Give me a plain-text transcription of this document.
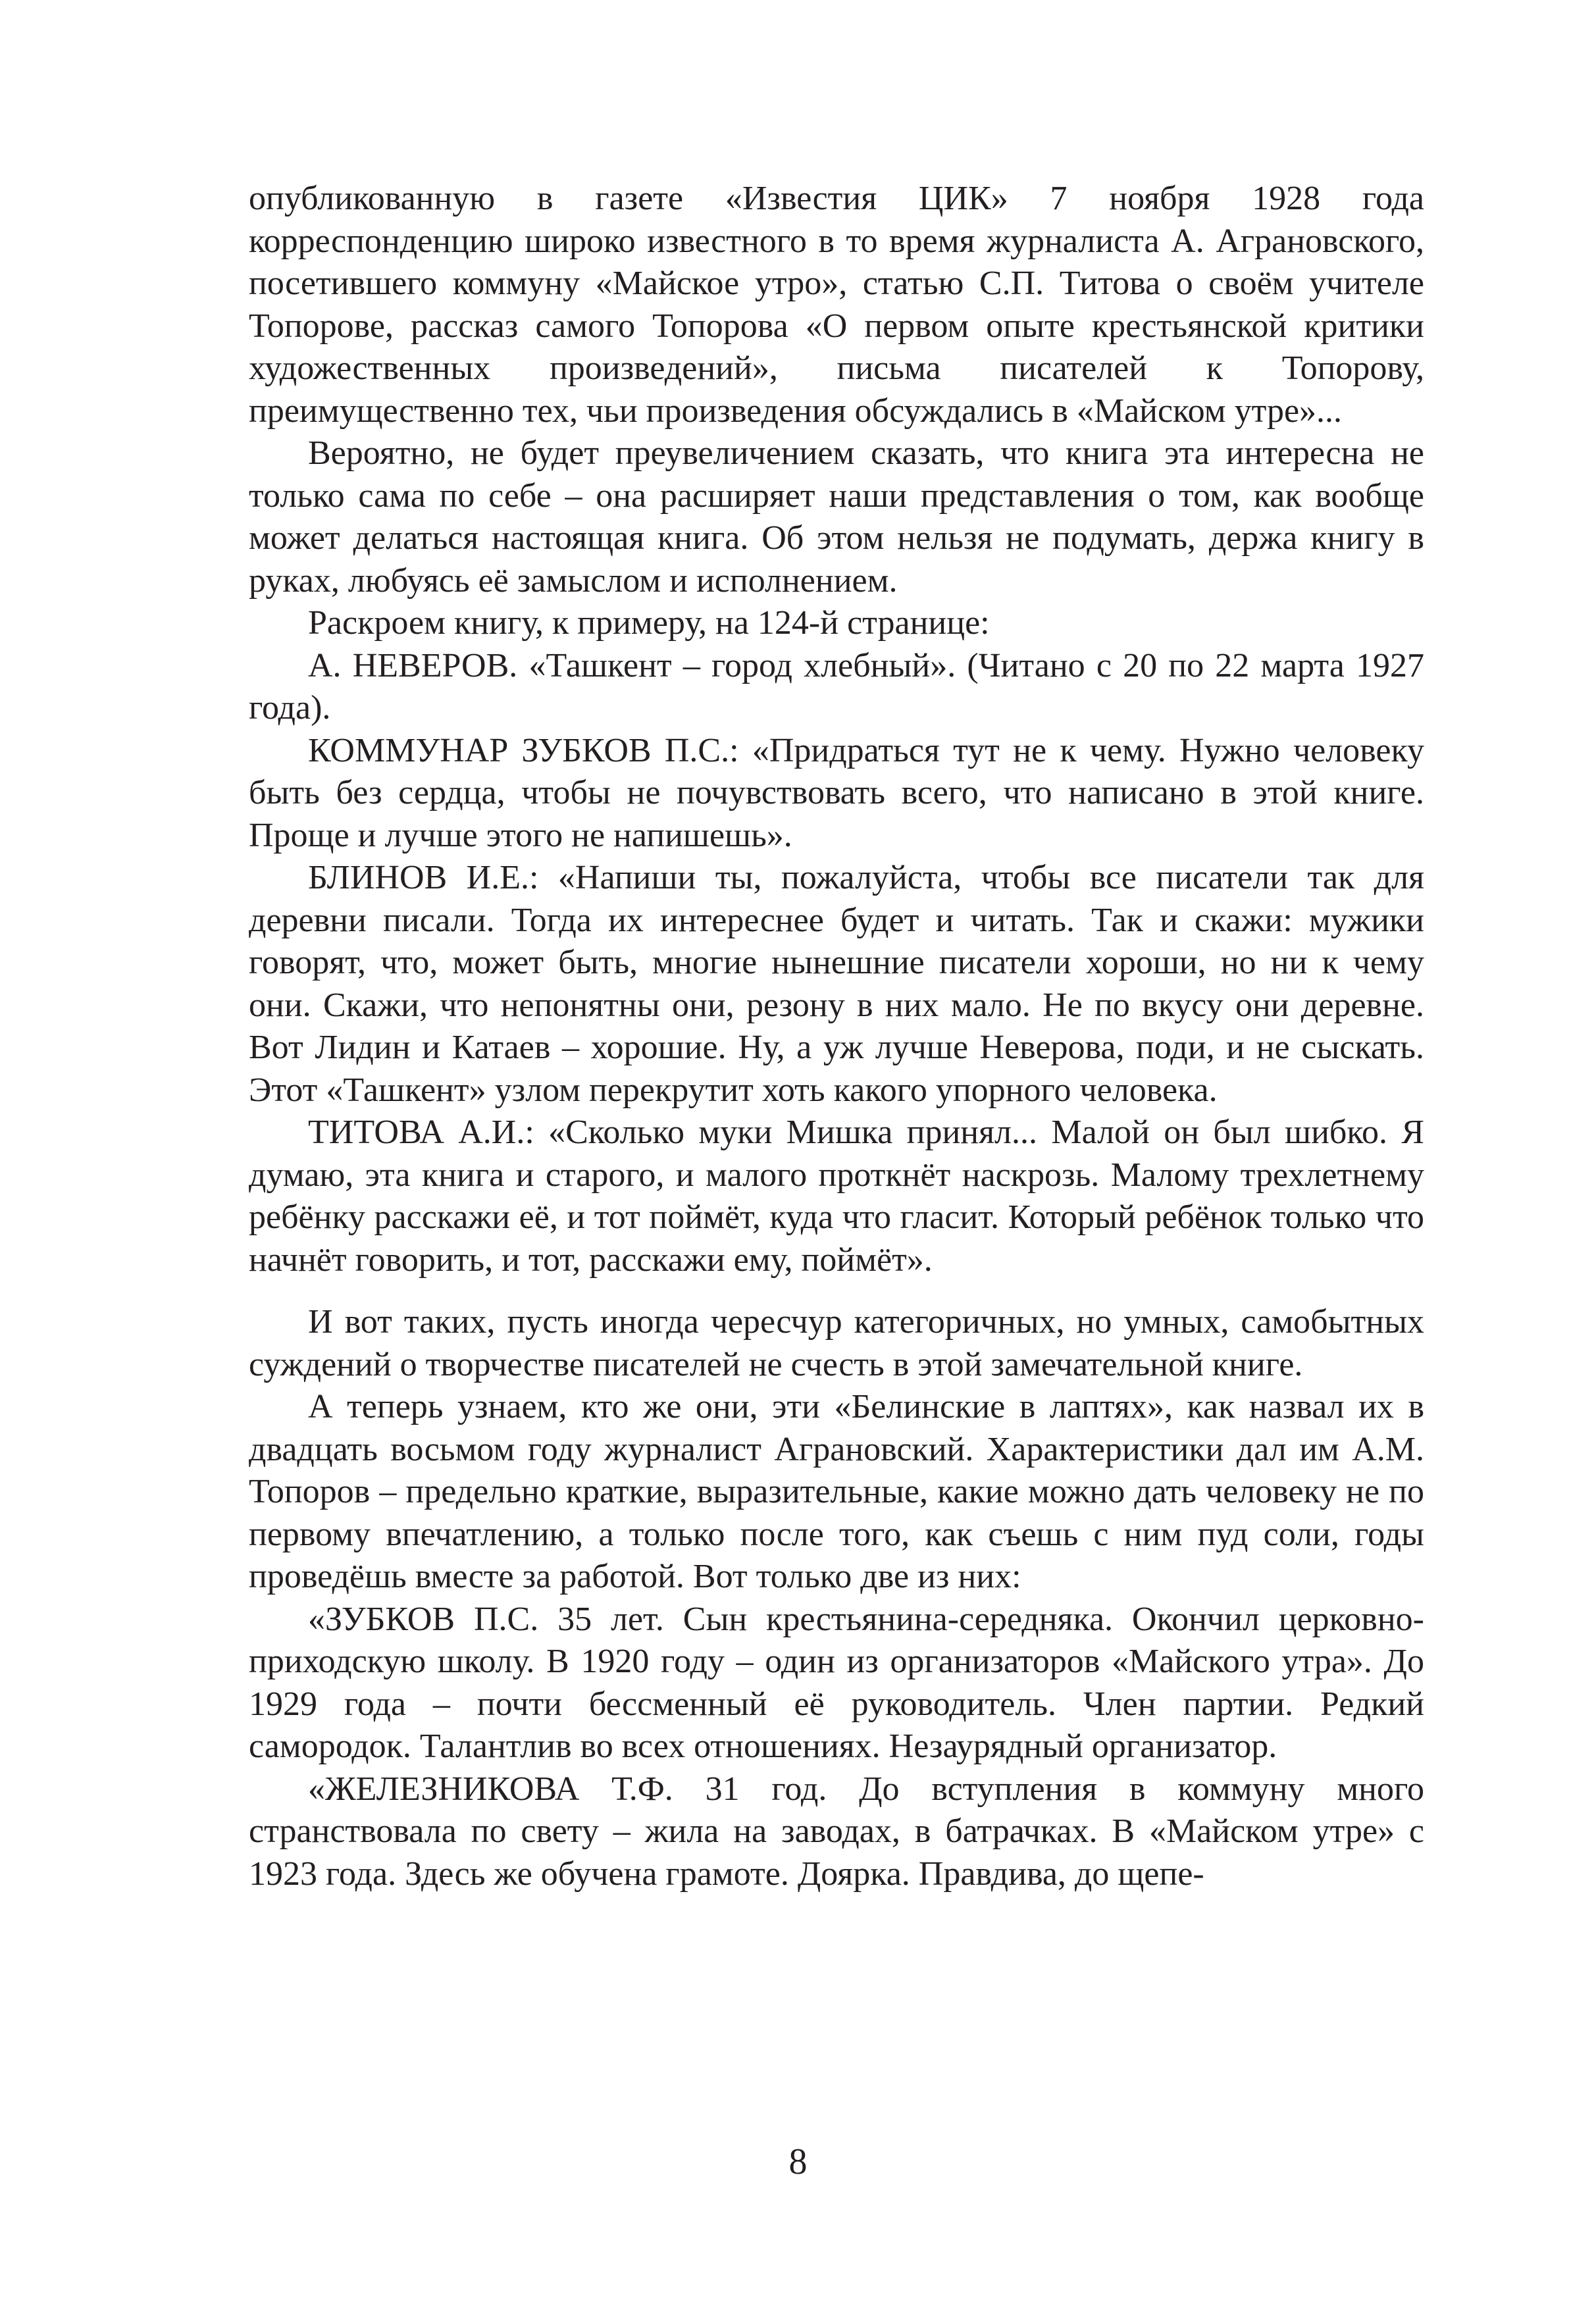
опубликованную в газете «Известия ЦИК» 7 ноября 1928 года корреспонденцию широко известного в то время журналиста А. Аграновского, посетившего коммуну «Майское утро», статью С.П. Титова о своём учителе Топорове, рассказ самого Топорова «О первом опыте крестьянской критики художественных произведений», письма писателей к Топорову, преимущественно тех, чьи произведения обсуждались в «Майском утре»...

Вероятно, не будет преувеличением сказать, что книга эта интересна не только сама по себе – она расширяет наши представления о том, как вообще может делаться настоящая книга. Об этом нельзя не подумать, держа книгу в руках, любуясь её замыслом и исполнением.

Раскроем книгу, к примеру, на 124-й странице:

А. НЕВЕРОВ. «Ташкент – город хлебный». (Читано с 20 по 22 марта 1927 года).

КОММУНАР ЗУБКОВ П.С.: «Придраться тут не к чему. Нужно человеку быть без сердца, чтобы не почувствовать всего, что написано в этой книге. Проще и лучше этого не напишешь».

БЛИНОВ И.Е.: «Напиши ты, пожалуйста, чтобы все писатели так для деревни писали. Тогда их интереснее будет и читать. Так и скажи: мужики говорят, что, может быть, многие нынешние писатели хороши, но ни к чему они. Скажи, что непонятны они, резону в них мало. Не по вкусу они деревне. Вот Лидин и Катаев – хорошие. Ну, а уж лучше Неверова, поди, и не сыскать. Этот «Ташкент» узлом перекрутит хоть какого упорного человека.

ТИТОВА А.И.: «Сколько муки Мишка принял... Малой он был шибко. Я думаю, эта книга и старого, и малого проткнёт наскрозь. Малому трехлетнему ребёнку расскажи её, и тот поймёт, куда что гласит. Который ребёнок только что начнёт говорить, и тот, расскажи ему, поймёт».

И вот таких, пусть иногда чересчур категоричных, но умных, самобытных суждений о творчестве писателей не счесть в этой замечательной книге.

А теперь узнаем, кто же они, эти «Белинские в лаптях», как назвал их в двадцать восьмом году журналист Аграновский. Характеристики дал им А.М. Топоров – предельно краткие, выразительные, какие можно дать человеку не по первому впечатлению, а только после того, как съешь с ним пуд соли, годы проведёшь вместе за работой. Вот только две из них:

«ЗУБКОВ П.С. 35 лет. Сын крестьянина-середняка. Окончил церковно-приходскую школу. В 1920 году – один из организаторов «Майского утра». До 1929 года – почти бессменный её руководитель. Член партии. Редкий самородок. Талантлив во всех отношениях. Незаурядный организатор.

«ЖЕЛЕЗНИКОВА Т.Ф. 31 год. До вступления в коммуну много странствовала по свету – жила на заводах, в батрачках. В «Майском утре» с 1923 года. Здесь же обучена грамоте. Доярка. Правдива, до щепе-

8
